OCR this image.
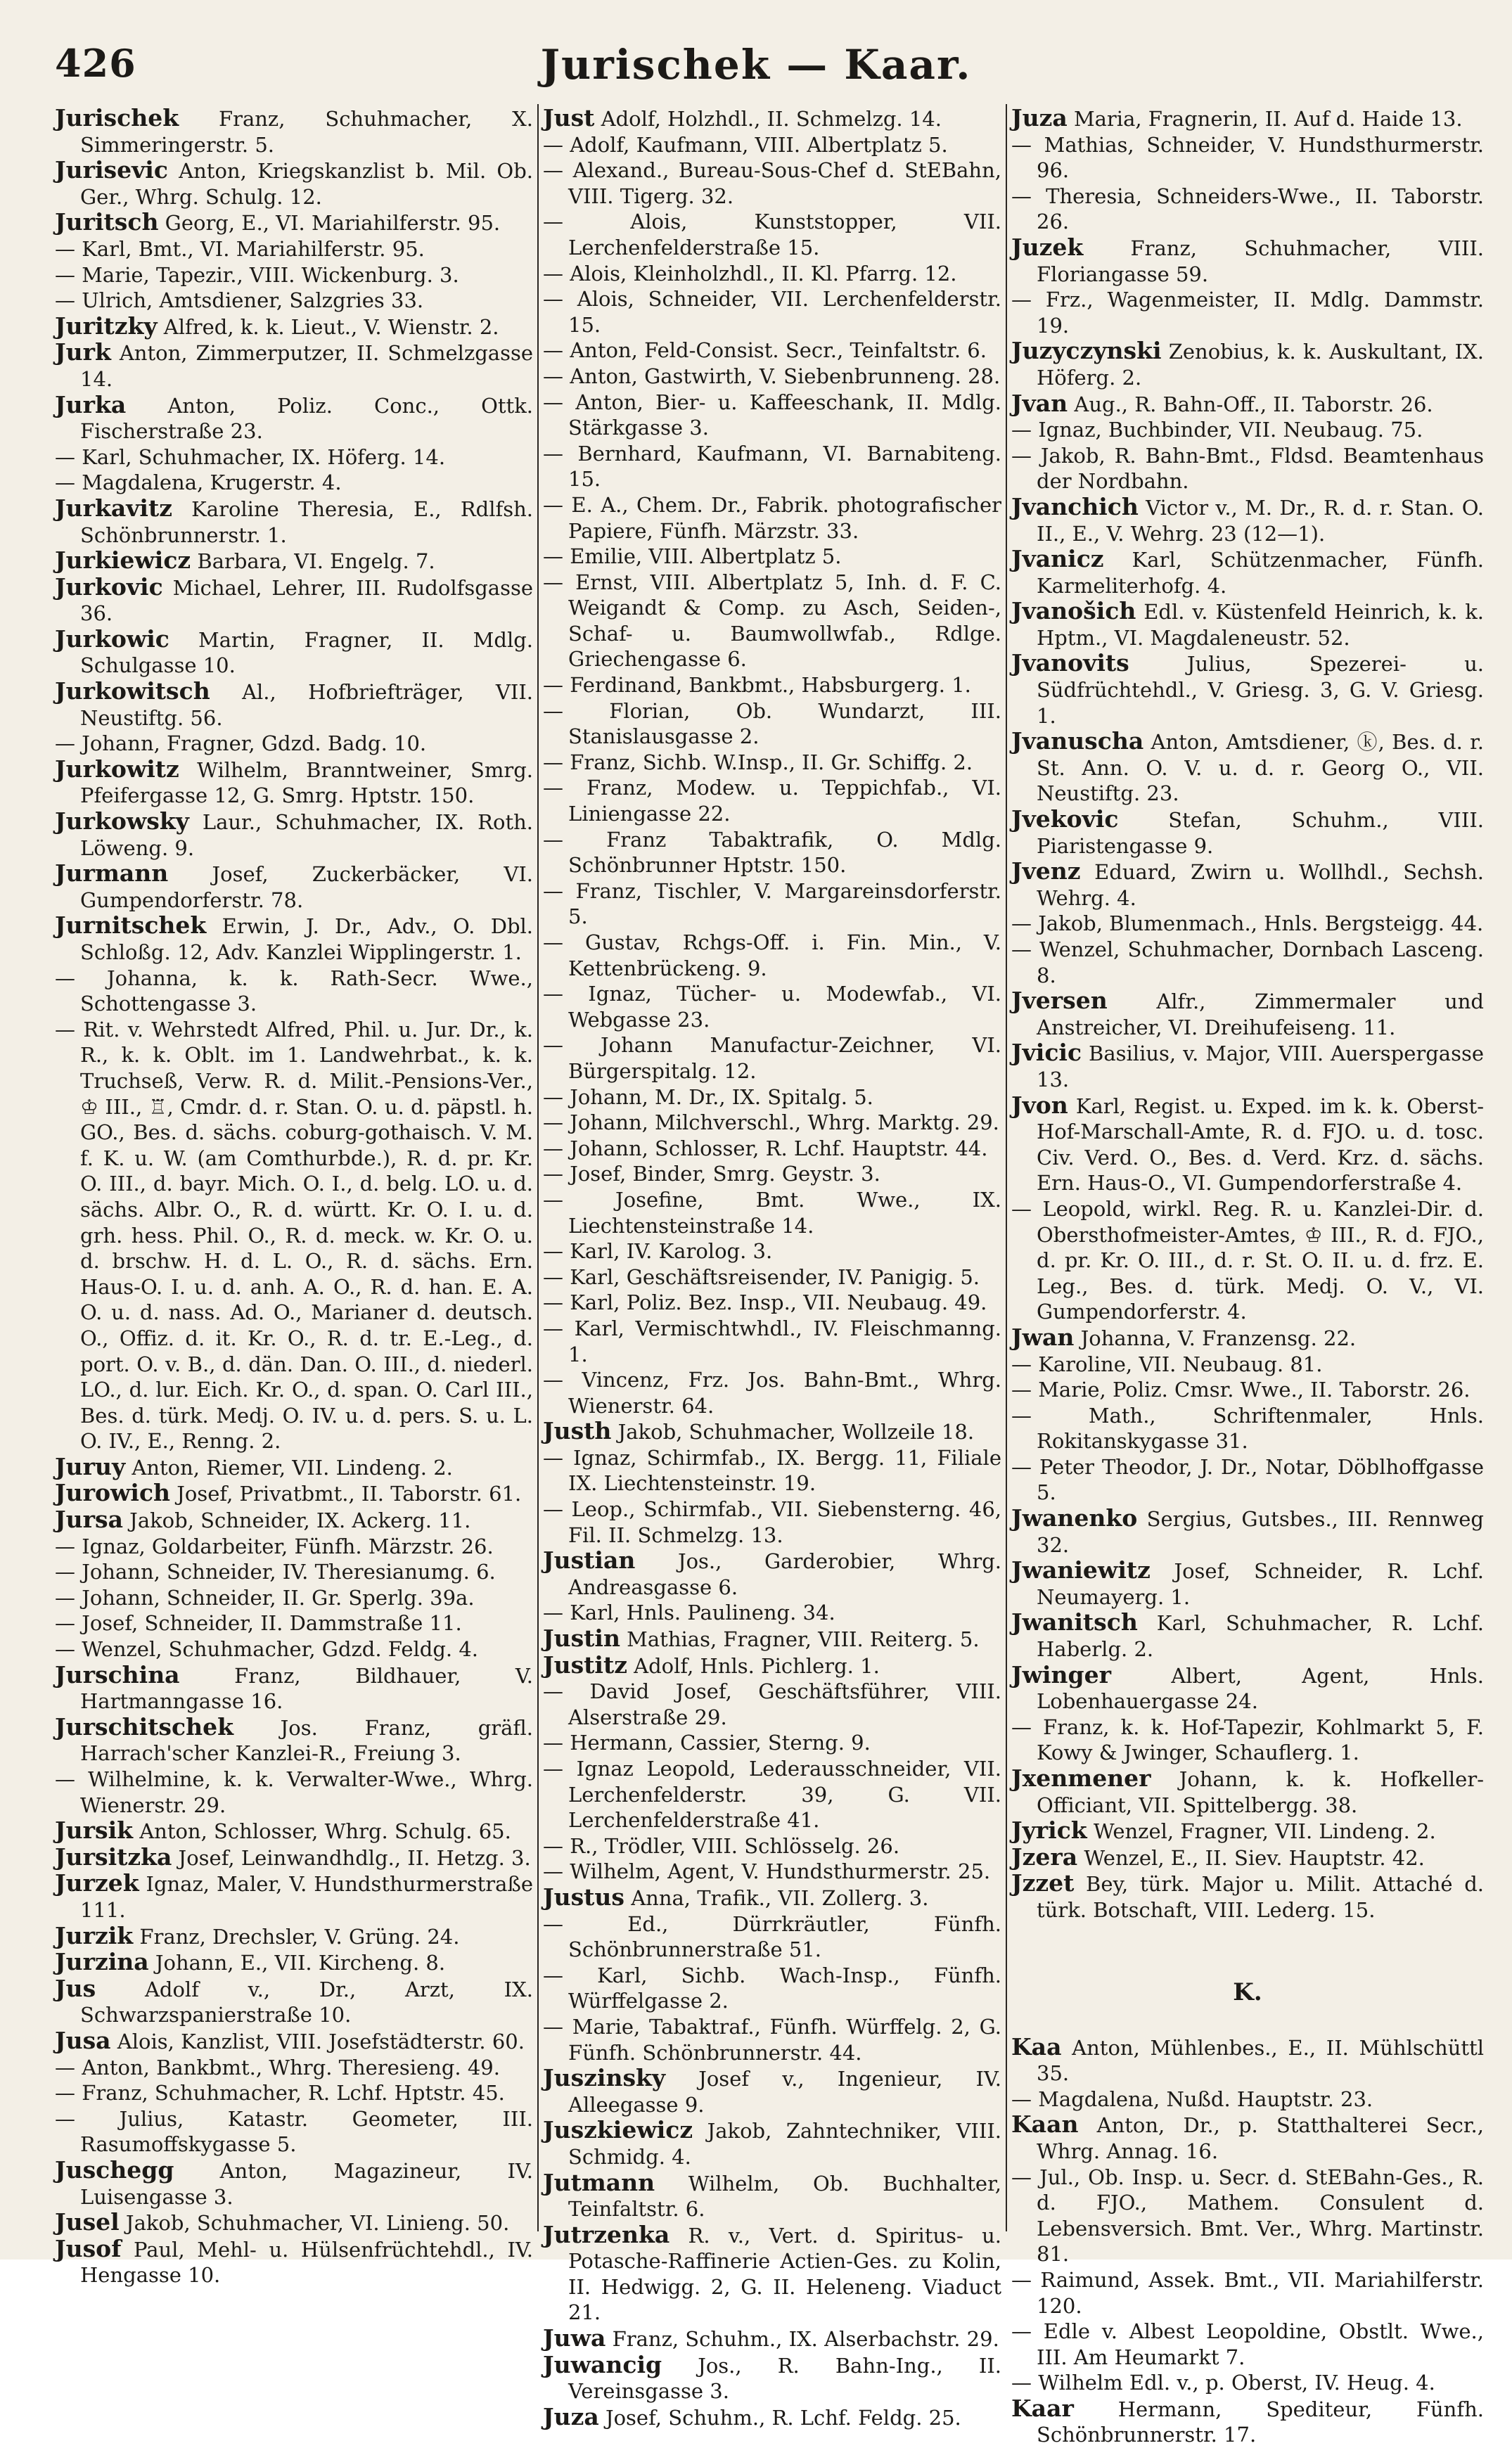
426	Jurischek — Kaar.

Jurischek Franz, Schuhmacher, X. Simmeringerstr. 5.

Jurisevic Anton, Kriegskanzlist b. Mil. Ob. Ger., Whrg. Schulg. 12.

Juritsch Georg, E., VI. Mariahilferstr. 95.

— Karl, Bmt., VI. Mariahilferstr. 95.

— Marie, Tapezir., VIII. Wickenburg. 3.

— Ulrich, Amtsdiener, Salzgries 33.

Juritzky Alfred, k. k. Lieut., V. Wienstr. 2.

Jurk Anton, Zimmerputzer, II. Schmelzgasse 14.

Jurka Anton, Poliz. Conc., Ottk. Fischerstraße 23.

— Karl, Schuhmacher, IX. Höferg. 14.

— Magdalena, Krugerstr. 4.

Jurkavitz Karoline Theresia, E., Rdlfsh. Schönbrunnerstr. 1.

Jurkiewicz Barbara, VI. Engelg. 7.

Jurkovic Michael, Lehrer, III. Rudolfsgasse 36.

Jurkowic Martin, Fragner, II. Mdlg. Schulgasse 10.

Jurkowitsch Al., Hofbriefträger, VII. Neustiftg. 56.

— Johann, Fragner, Gdzd. Badg. 10.

Jurkowitz Wilhelm, Branntweiner, Smrg. Pfeifergasse 12, G. Smrg. Hptstr. 150.

Jurkowsky Laur., Schuhmacher, IX. Roth. Löweng. 9.

Jurmann Josef, Zuckerbäcker, VI. Gumpendorferstr. 78.

Jurnitschek Erwin, J. Dr., Adv., O. Dbl. Schloßg. 12, Adv. Kanzlei Wipplingerstr. 1.

— Johanna, k. k. Rath-Secr. Wwe., Schottengasse 3.

— Rit. v. Wehrstedt Alfred, Phil. u. Jur. Dr., k. R., k. k. Oblt. im 1. Landwehrbat., k. k. Truchseß, Verw. R. d. Milit.-Pensions-Ver., ♔ III., ♖, Cmdr. d. r. Stan. O. u. d. päpstl. h. GO., Bes. d. sächs. coburg-gothaisch. V. M. f. K. u. W. (am Comthurbde.), R. d. pr. Kr. O. III., d. bayr. Mich. O. I., d. belg. LO. u. d. sächs. Albr. O., R. d. württ. Kr. O. I. u. d. grh. hess. Phil. O., R. d. meck. w. Kr. O. u. d. brschw. H. d. L. O., R. d. sächs. Ern. Haus-O. I. u. d. anh. A. O., R. d. han. E. A. O. u. d. nass. Ad. O., Marianer d. deutsch. O., Offiz. d. it. Kr. O., R. d. tr. E.-Leg., d. port. O. v. B., d. dän. Dan. O. III., d. niederl. LO., d. lur. Eich. Kr. O., d. span. O. Carl III., Bes. d. türk. Medj. O. IV. u. d. pers. S. u. L. O. IV., E., Renng. 2.

Juruy Anton, Riemer, VII. Lindeng. 2.

Jurowich Josef, Privatbmt., II. Taborstr. 61.

Jursa Jakob, Schneider, IX. Ackerg. 11.

— Ignaz, Goldarbeiter, Fünfh. Märzstr. 26.

— Johann, Schneider, IV. Theresianumg. 6.

— Johann, Schneider, II. Gr. Sperlg. 39a.

— Josef, Schneider, II. Dammstraße 11.

— Wenzel, Schuhmacher, Gdzd. Feldg. 4.

Jurschina Franz, Bildhauer, V. Hartmanngasse 16.

Jurschitschek Jos. Franz, gräfl. Harrach'scher Kanzlei-R., Freiung 3.

— Wilhelmine, k. k. Verwalter-Wwe., Whrg. Wienerstr. 29.

Jursik Anton, Schlosser, Whrg. Schulg. 65.

Jursitzka Josef, Leinwandhdlg., II. Hetzg. 3.

Jurzek Ignaz, Maler, V. Hundsthurmerstraße 111.

Jurzik Franz, Drechsler, V. Grüng. 24.

Jurzina Johann, E., VII. Kircheng. 8.

Jus Adolf v., Dr., Arzt, IX. Schwarzspanierstraße 10.

Jusa Alois, Kanzlist, VIII. Josefstädterstr. 60.

— Anton, Bankbmt., Whrg. Theresieng. 49.

— Franz, Schuhmacher, R. Lchf. Hptstr. 45.

— Julius, Katastr. Geometer, III. Rasumoffskygasse 5.

Juschegg Anton, Magazineur, IV. Luisengasse 3.

Jusel Jakob, Schuhmacher, VI. Linieng. 50.

Jusof Paul, Mehl- u. Hülsenfrüchtehdl., IV. Hengasse 10.

Just Adolf, Holzhdl., II. Schmelzg. 14.

— Adolf, Kaufmann, VIII. Albertplatz 5.

— Alexand., Bureau-Sous-Chef d. StEBahn, VIII. Tigerg. 32.

— Alois, Kunststopper, VII. Lerchenfelderstraße 15.

— Alois, Kleinholzhdl., II. Kl. Pfarrg. 12.

— Alois, Schneider, VII. Lerchenfelderstr. 15.

— Anton, Feld-Consist. Secr., Teinfaltstr. 6.

— Anton, Gastwirth, V. Siebenbrunneng. 28.

— Anton, Bier- u. Kaffeeschank, II. Mdlg. Stärkgasse 3.

— Bernhard, Kaufmann, VI. Barnabiteng. 15.

— E. A., Chem. Dr., Fabrik. photografischer Papiere, Fünfh. Märzstr. 33.

— Emilie, VIII. Albertplatz 5.

— Ernst, VIII. Albertplatz 5, Inh. d. F. C. Weigandt & Comp. zu Asch, Seiden-, Schaf- u. Baumwollwfab., Rdlge. Griechengasse 6.

— Ferdinand, Bankbmt., Habsburgerg. 1.

— Florian, Ob. Wundarzt, III. Stanislausgasse 2.

— Franz, Sichb. W.Insp., II. Gr. Schiffg. 2.

— Franz, Modew. u. Teppichfab., VI. Liniengasse 22.

— Franz Tabaktrafik, O. Mdlg. Schönbrunner Hptstr. 150.

— Franz, Tischler, V. Margareinsdorferstr. 5.

— Gustav, Rchgs-Off. i. Fin. Min., V. Kettenbrückeng. 9.

— Ignaz, Tücher- u. Modewfab., VI. Webgasse 23.

— Johann Manufactur-Zeichner, VI. Bürgerspitalg. 12.

— Johann, M. Dr., IX. Spitalg. 5.

— Johann, Milchverschl., Whrg. Marktg. 29.

— Johann, Schlosser, R. Lchf. Hauptstr. 44.

— Josef, Binder, Smrg. Geystr. 3.

— Josefine, Bmt. Wwe., IX. Liechtensteinstraße 14.

— Karl, IV. Karolog. 3.

— Karl, Geschäftsreisender, IV. Panigig. 5.

— Karl, Poliz. Bez. Insp., VII. Neubaug. 49.

— Karl, Vermischtwhdl., IV. Fleischmanng. 1.

— Vincenz, Frz. Jos. Bahn-Bmt., Whrg. Wienerstr. 64.

Justh Jakob, Schuhmacher, Wollzeile 18.

— Ignaz, Schirmfab., IX. Bergg. 11, Filiale IX. Liechtensteinstr. 19.

— Leop., Schirmfab., VII. Siebensterng. 46, Fil. II. Schmelzg. 13.

Justian Jos., Garderobier, Whrg. Andreasgasse 6.

— Karl, Hnls. Paulineng. 34.

Justin Mathias, Fragner, VIII. Reiterg. 5.

Justitz Adolf, Hnls. Pichlerg. 1.

— David Josef, Geschäftsführer, VIII. Alserstraße 29.

— Hermann, Cassier, Sterng. 9.

— Ignaz Leopold, Lederausschneider, VII. Lerchenfelderstr. 39, G. VII. Lerchenfelderstraße 41.

— R., Trödler, VIII. Schlösselg. 26.

— Wilhelm, Agent, V. Hundsthurmerstr. 25.

Justus Anna, Trafik., VII. Zollerg. 3.

— Ed., Dürrkräutler, Fünfh. Schönbrunnerstraße 51.

— Karl, Sichb. Wach-Insp., Fünfh. Würffelgasse 2.

— Marie, Tabaktraf., Fünfh. Würffelg. 2, G. Fünfh. Schönbrunnerstr. 44.

Juszinsky Josef v., Ingenieur, IV. Alleegasse 9.

Juszkiewicz Jakob, Zahntechniker, VIII. Schmidg. 4.

Jutmann Wilhelm, Ob. Buchhalter, Teinfaltstr. 6.

Jutrzenka R. v., Vert. d. Spiritus- u. Potasche-Raffinerie Actien-Ges. zu Kolin, II. Hedwigg. 2, G. II. Heleneng. Viaduct 21.

Juwa Franz, Schuhm., IX. Alserbachstr. 29.

Juwancig Jos., R. Bahn-Ing., II. Vereinsgasse 3.

Juza Josef, Schuhm., R. Lchf. Feldg. 25.

Juza Maria, Fragnerin, II. Auf d. Haide 13.

— Mathias, Schneider, V. Hundsthurmerstr. 96.

— Theresia, Schneiders-Wwe., II. Taborstr. 26.

Juzek Franz, Schuhmacher, VIII. Floriangasse 59.

— Frz., Wagenmeister, II. Mdlg. Dammstr. 19.

Juzyczynski Zenobius, k. k. Auskultant, IX. Höferg. 2.

Jvan Aug., R. Bahn-Off., II. Taborstr. 26.

— Ignaz, Buchbinder, VII. Neubaug. 75.

— Jakob, R. Bahn-Bmt., Fldsd. Beamtenhaus der Nordbahn.

Jvanchich Victor v., M. Dr., R. d. r. Stan. O. II., E., V. Wehrg. 23 (12—1).

Jvanicz Karl, Schützenmacher, Fünfh. Karmeliterhofg. 4.

Jvanošich Edl. v. Küstenfeld Heinrich, k. k. Hptm., VI. Magdaleneustr. 52.

Jvanovits Julius, Spezerei- u. Südfrüchtehdl., V. Griesg. 3, G. V. Griesg. 1.

Jvanuscha Anton, Amtsdiener, ⓚ, Bes. d. r. St. Ann. O. V. u. d. r. Georg O., VII. Neustiftg. 23.

Jvekovic Stefan, Schuhm., VIII. Piaristengasse 9.

Jvenz Eduard, Zwirn u. Wollhdl., Sechsh. Wehrg. 4.

— Jakob, Blumenmach., Hnls. Bergsteigg. 44.

— Wenzel, Schuhmacher, Dornbach Lasceng. 8.

Jversen Alfr., Zimmermaler und Anstreicher, VI. Dreihufeiseng. 11.

Jvicic Basilius, v. Major, VIII. Auerspergasse 13.

Jvon Karl, Regist. u. Exped. im k. k. Oberst-Hof-Marschall-Amte, R. d. FJO. u. d. tosc. Civ. Verd. O., Bes. d. Verd. Krz. d. sächs. Ern. Haus-O., VI. Gumpendorferstraße 4.

— Leopold, wirkl. Reg. R. u. Kanzlei-Dir. d. Obersthofmeister-Amtes, ♔ III., R. d. FJO., d. pr. Kr. O. III., d. r. St. O. II. u. d. frz. E. Leg., Bes. d. türk. Medj. O. V., VI. Gumpendorferstr. 4.

Jwan Johanna, V. Franzensg. 22.

— Karoline, VII. Neubaug. 81.

— Marie, Poliz. Cmsr. Wwe., II. Taborstr. 26.

— Math., Schriftenmaler, Hnls. Rokitanskygasse 31.

— Peter Theodor, J. Dr., Notar, Döblhoffgasse 5.

Jwanenko Sergius, Gutsbes., III. Rennweg 32.

Jwaniewitz Josef, Schneider, R. Lchf. Neumayerg. 1.

Jwanitsch Karl, Schuhmacher, R. Lchf. Haberlg. 2.

Jwinger Albert, Agent, Hnls. Lobenhauergasse 24.

— Franz, k. k. Hof-Tapezir, Kohlmarkt 5, F. Kowy & Jwinger, Schauflerg. 1.

Jxenmener Johann, k. k. Hofkeller-Officiant, VII. Spittelbergg. 38.

Jyrick Wenzel, Fragner, VII. Lindeng. 2.

Jzera Wenzel, E., II. Siev. Hauptstr. 42.

Jzzet Bey, türk. Major u. Milit. Attaché d. türk. Botschaft, VIII. Lederg. 15.

K.

Kaa Anton, Mühlenbes., E., II. Mühlschüttl 35.

— Magdalena, Nußd. Hauptstr. 23.

Kaan Anton, Dr., p. Statthalterei Secr., Whrg. Annag. 16.

— Jul., Ob. Insp. u. Secr. d. StEBahn-Ges., R. d. FJO., Mathem. Consulent d. Lebensversich. Bmt. Ver., Whrg. Martinstr. 81.

— Raimund, Assek. Bmt., VII. Mariahilferstr. 120.

— Edle v. Albest Leopoldine, Obstlt. Wwe., III. Am Heumarkt 7.

— Wilhelm Edl. v., p. Oberst, IV. Heug. 4.

Kaar Hermann, Spediteur, Fünfh. Schönbrunnerstr. 17.
